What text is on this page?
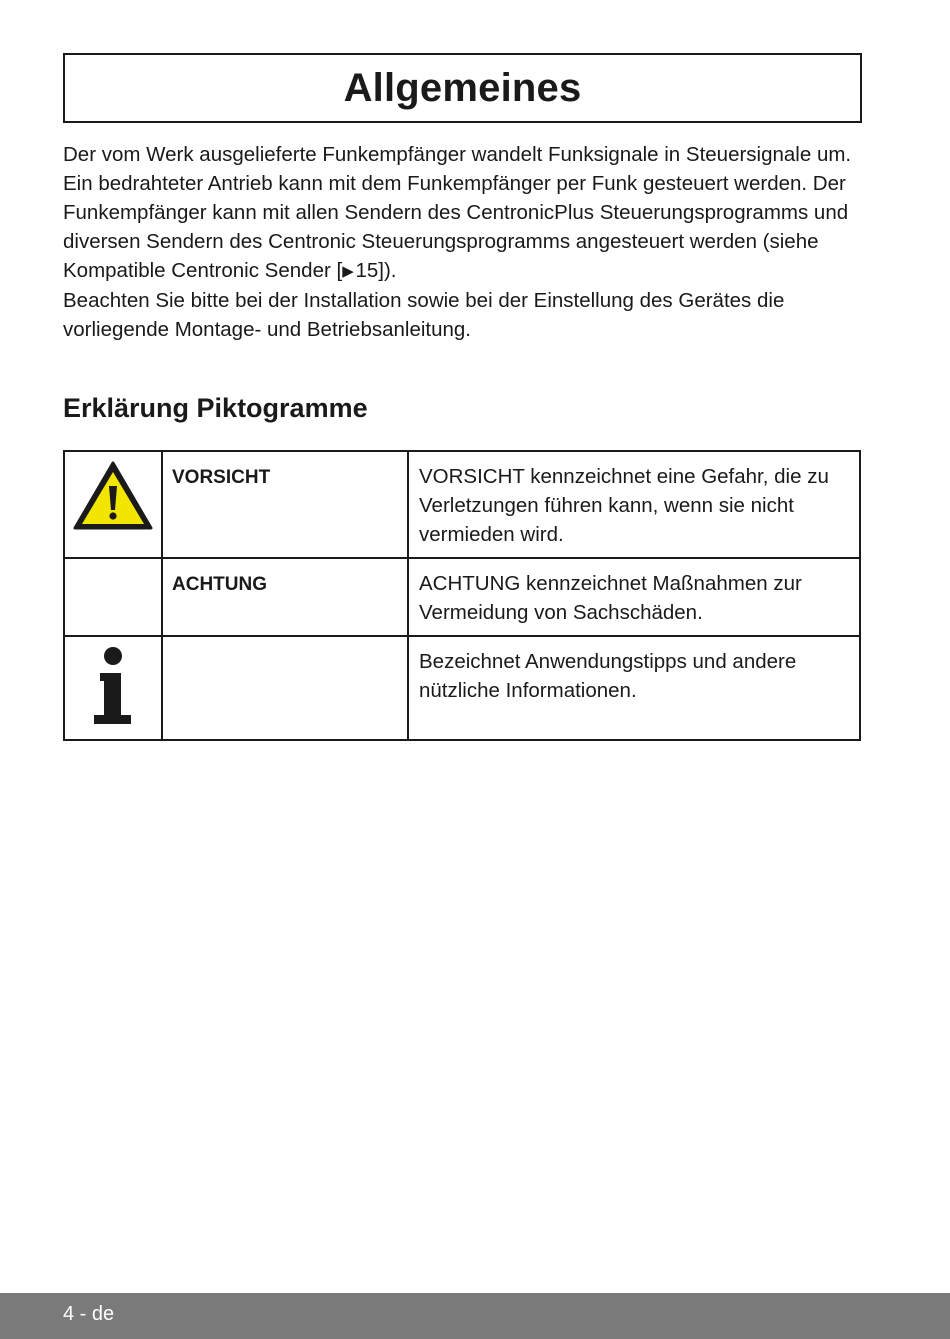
Allgemeines

Der vom Werk ausgelieferte Funkempfänger wandelt Funksignale in Steuersignale um. Ein bedrahteter Antrieb kann mit dem Funkempfänger per Funk gesteuert werden. Der Funkempfänger kann mit allen Sendern des CentronicPlus Steuerungsprogramms und diversen Sendern des Centronic Steuerungsprogramms angesteuert werden (siehe Kompatible Centronic Sender [▶ 15]).

Beachten Sie bitte bei der Installation sowie bei der Einstellung des Gerätes die vorliegende Montage- und Betriebsanleitung.

Erklärung Piktogramme
	VORSICHT	VORSICHT kennzeichnet eine Gefahr, die zu Verletzungen führen kann, wenn sie nicht vermieden wird.
	ACHTUNG	ACHTUNG kennzeichnet Maßnahmen zur Vermeidung von Sachschäden.

		Bezeichnet Anwendungstipps und andere nützliche Informationen.
4 - de
